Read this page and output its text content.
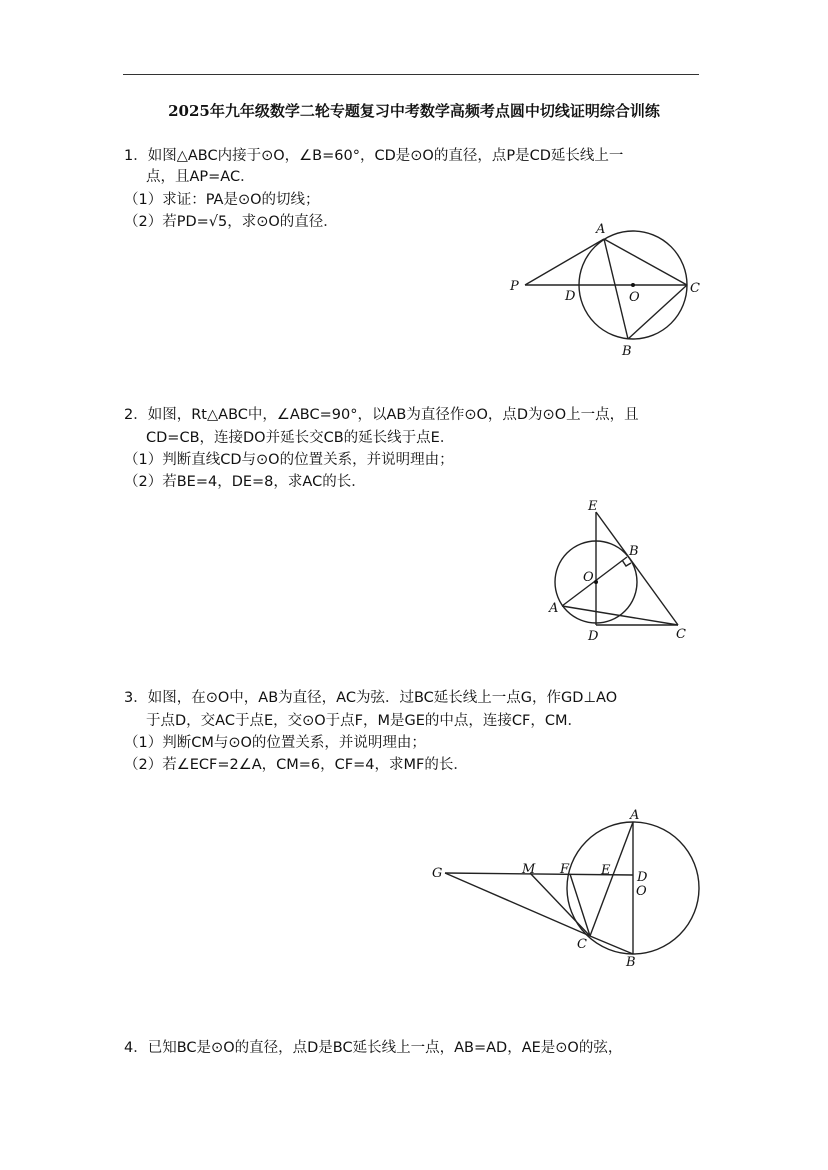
2025年九年级数学二轮专题复习中考数学高频考点圆中切线证明综合训练
1．如图△ABC内接于⊙O，∠B=60°，CD是⊙O的直径，点P是CD延长线上一
点，且AP=AC．
（1）求证：PA是⊙O的切线；
（2）若PD=√5，求⊙O的直径．	A
B
C
D	O
P
2．如图，Rt△ABC中，∠ABC=90°，以AB为直径作⊙O，点D为⊙O上一点，且
CD=CB，连接DO并延长交CB的延长线于点E．
（1）判断直线CD与⊙O的位置关系，并说明理由；
（2）若BE=4，DE=8，求AC的长．
E
B
O
A
D	C
3．如图，在⊙O中，AB为直径，AC为弦．过BC延长线上一点G，作GD⊥AO
于点D，交AC于点E，交⊙O于点F，M是GE的中点，连接CF，CM．
（1）判断CM与⊙O的位置关系，并说明理由；
（2）若∠ECF=2∠A，CM=6，CF=4，求MF的长．
A
B
C
D
E
F
G	M
O
4．已知BC是⊙O的直径，点D是BC延长线上一点，AB=AD，AE是⊙O的弦，
